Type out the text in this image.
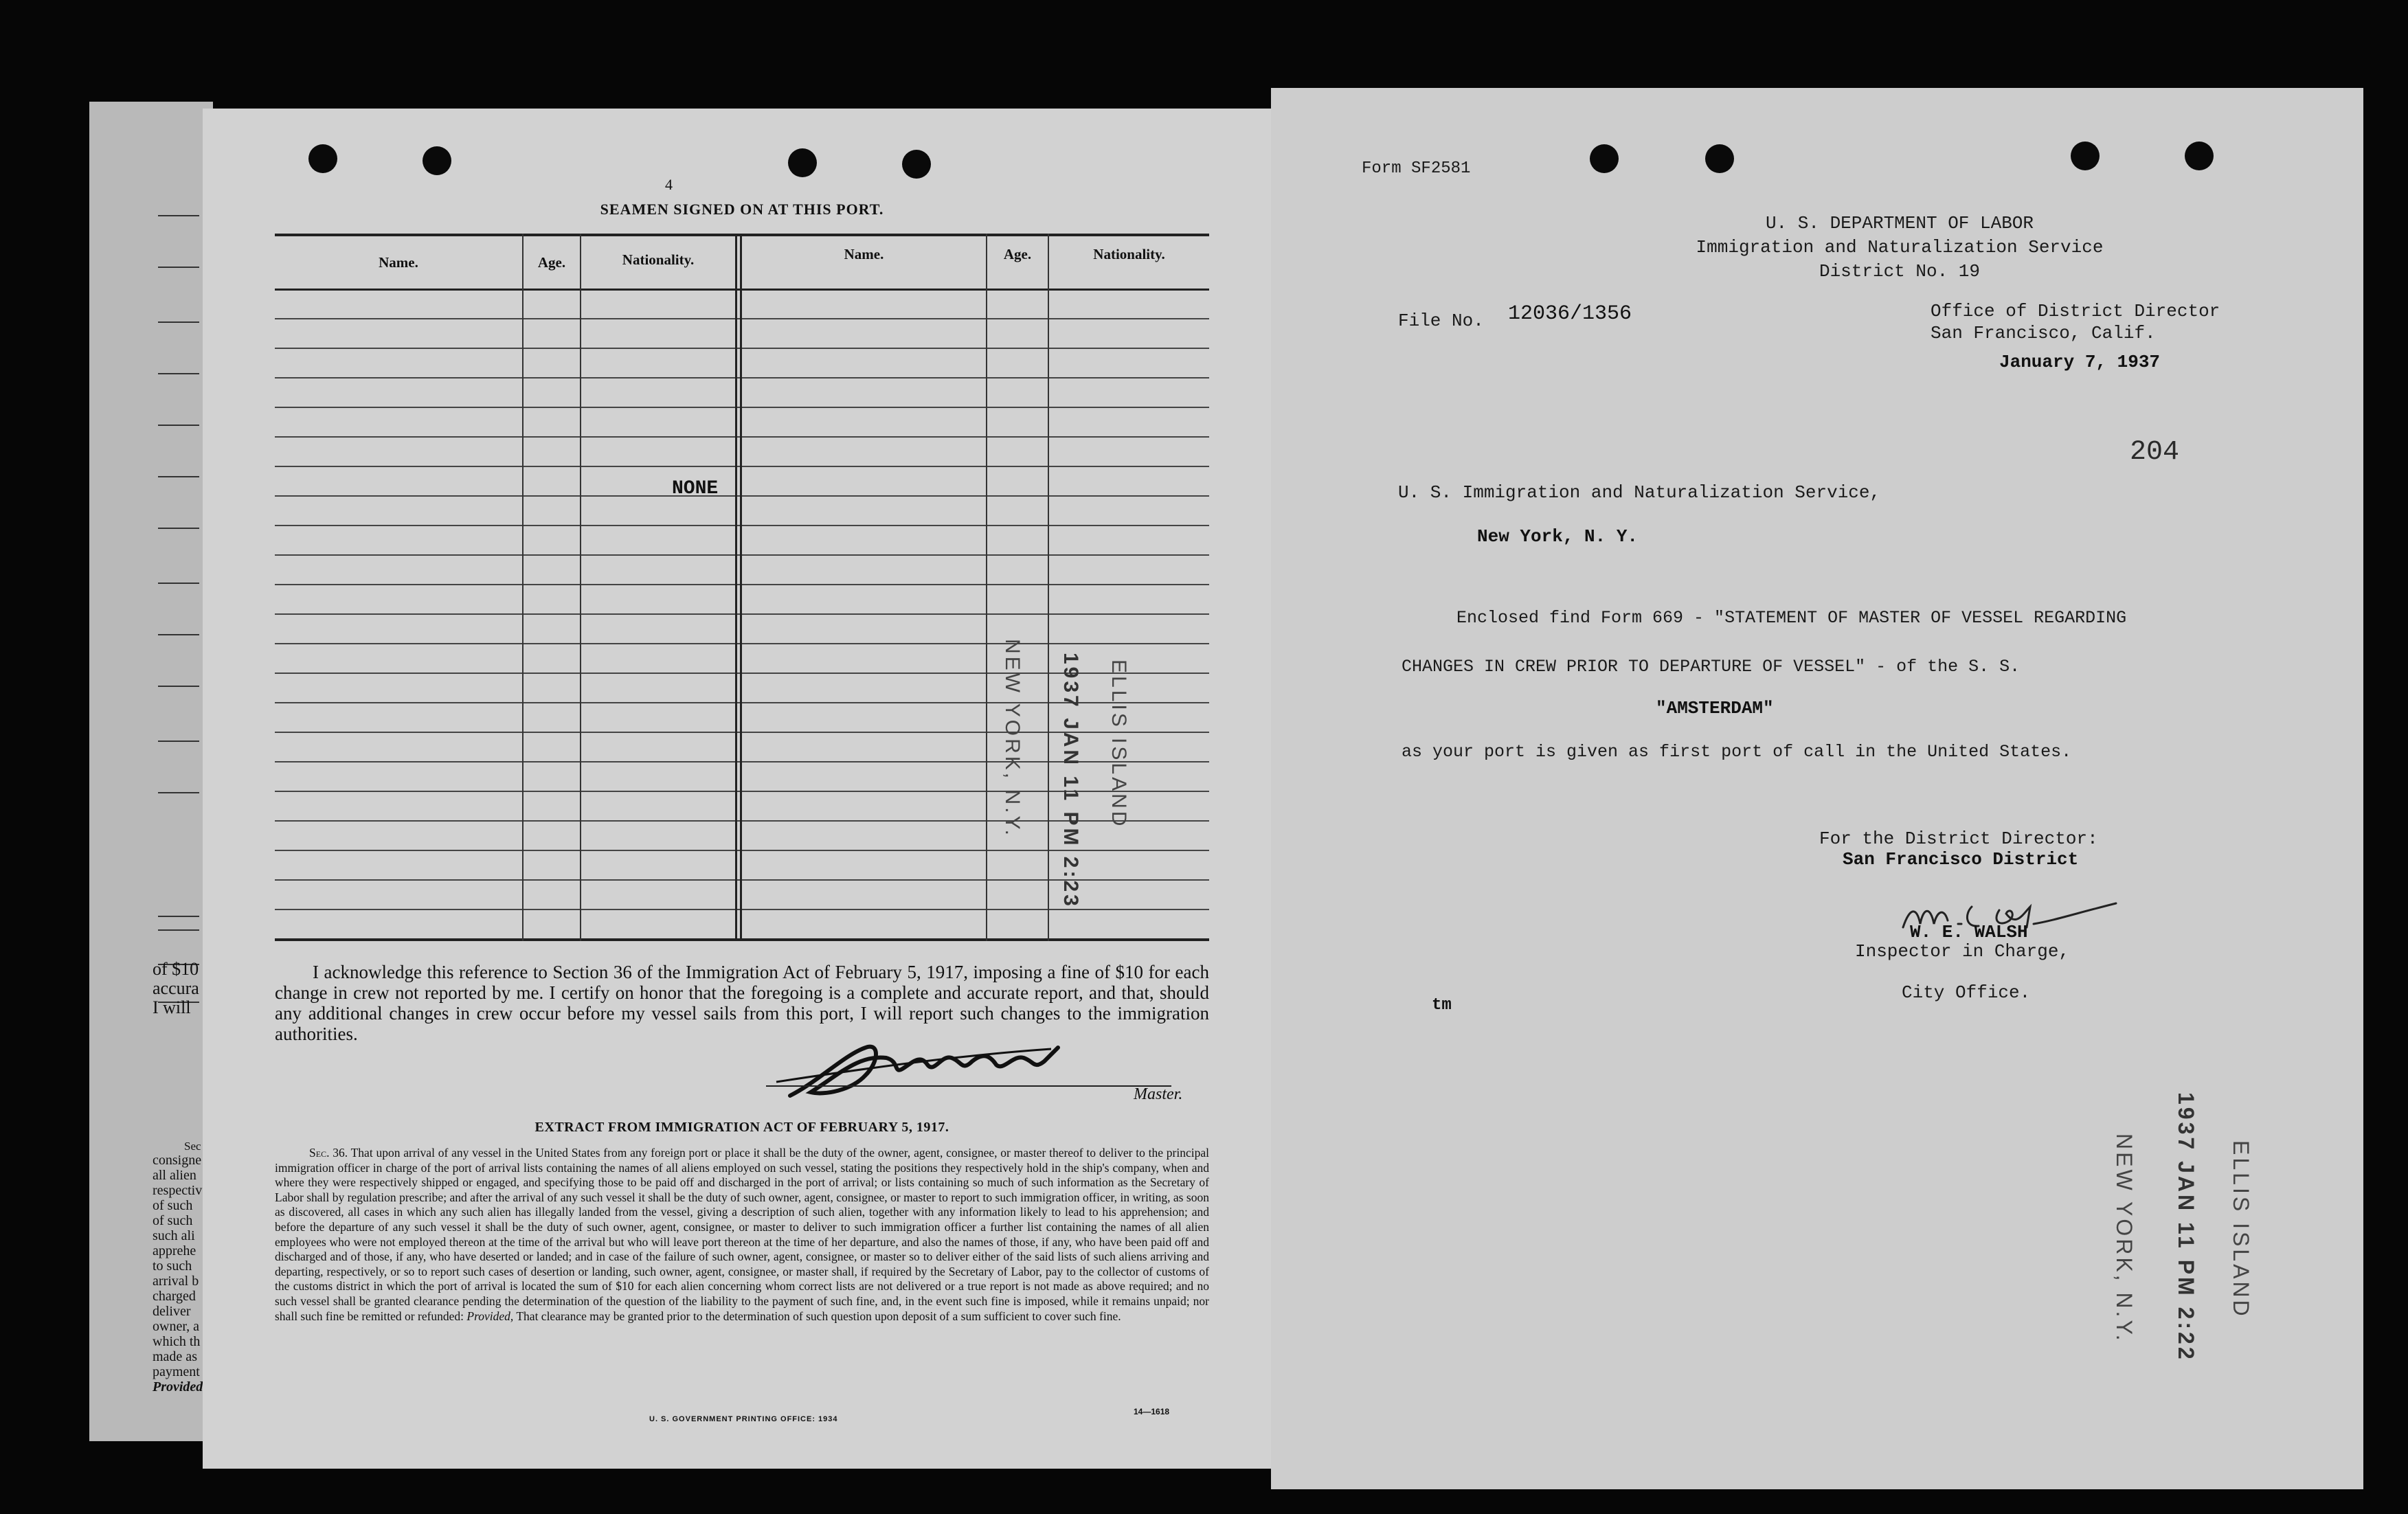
of $10
accura
I will
Sec
consigne
all alien
respectiv
of such
of such
such ali
apprehe
to such
arrival b
charged
deliver
owner, a
which th
made as
payment
Provided
4
SEAMEN SIGNED ON AT THIS PORT.
Name.	Age.	Nationality.	Name.	Age.	Nationality.
NONE
ELLIS ISLAND
1937 JAN 11 PM 2:23
NEW YORK, N.Y.

I acknowledge this reference to Section 36 of the Immigration Act of February 5, 1917, imposing a fine of $10 for each change in crew not reported by me. I certify on honor that the foregoing is a complete and accurate report, and that, should any additional changes in crew occur before my vessel sails from this port, I will report such changes to the immigration authorities.

Master.
EXTRACT FROM IMMIGRATION ACT OF FEBRUARY 5, 1917.

Sec. 36. That upon arrival of any vessel in the United States from any foreign port or place it shall be the duty of the owner, agent, consignee, or master thereof to deliver to the principal immigration officer in charge of the port of arrival lists containing the names of all aliens employed on such vessel, stating the positions they respectively hold in the ship's company, when and where they were respectively shipped or engaged, and specifying those to be paid off and discharged in the port of arrival; or lists containing so much of such information as the Secretary of Labor shall by regulation prescribe; and after the arrival of any such vessel it shall be the duty of such owner, agent, consignee, or master to report to such immigration officer, in writing, as soon as discovered, all cases in which any such alien has illegally landed from the vessel, giving a description of such alien, together with any information likely to lead to his apprehension; and before the departure of any such vessel it shall be the duty of such owner, agent, consignee, or master to deliver to such immigration officer a further list containing the names of all alien employees who were not employed thereon at the time of the arrival but who will leave port thereon at the time of her departure, and also the names of those, if any, who have been paid off and discharged and of those, if any, who have deserted or landed; and in case of the failure of such owner, agent, consignee, or master so to deliver either of the said lists of such aliens arriving and departing, respectively, or so to report such cases of desertion or landing, such owner, agent, consignee, or master shall, if required by the Secretary of Labor, pay to the collector of customs of the customs district in which the port of arrival is located the sum of $10 for each alien concerning whom correct lists are not delivered or a true report is not made as above required; and no such vessel shall be granted clearance pending the determination of the question of the liability to the payment of such fine, and, in the event such fine is imposed, while it remains unpaid; nor shall such fine be remitted or refunded: Provided, That clearance may be granted prior to the determination of such question upon deposit of a sum sufficient to cover such fine.

U. S. GOVERNMENT PRINTING OFFICE: 1934
14—1618
Form SF2581
U. S. DEPARTMENT OF LABOR
Immigration and Naturalization Service
District No. 19
File No. 12036/1356	Office of District Director
San Francisco, Calif.
January 7, 1937
204
U. S. Immigration and Naturalization Service,
New York, N. Y.
Enclosed find Form 669 - "STATEMENT OF MASTER OF VESSEL REGARDING
CHANGES IN CREW PRIOR TO DEPARTURE OF VESSEL" - of the S. S.
"AMSTERDAM"
as your port is given as first port of call in the United States.
For the District Director:
San Francisco District
W. E. WALSH
Inspector in Charge,
City Office.
tm
ELLIS ISLAND
1937 JAN 11 PM 2:22
NEW YORK, N.Y.
